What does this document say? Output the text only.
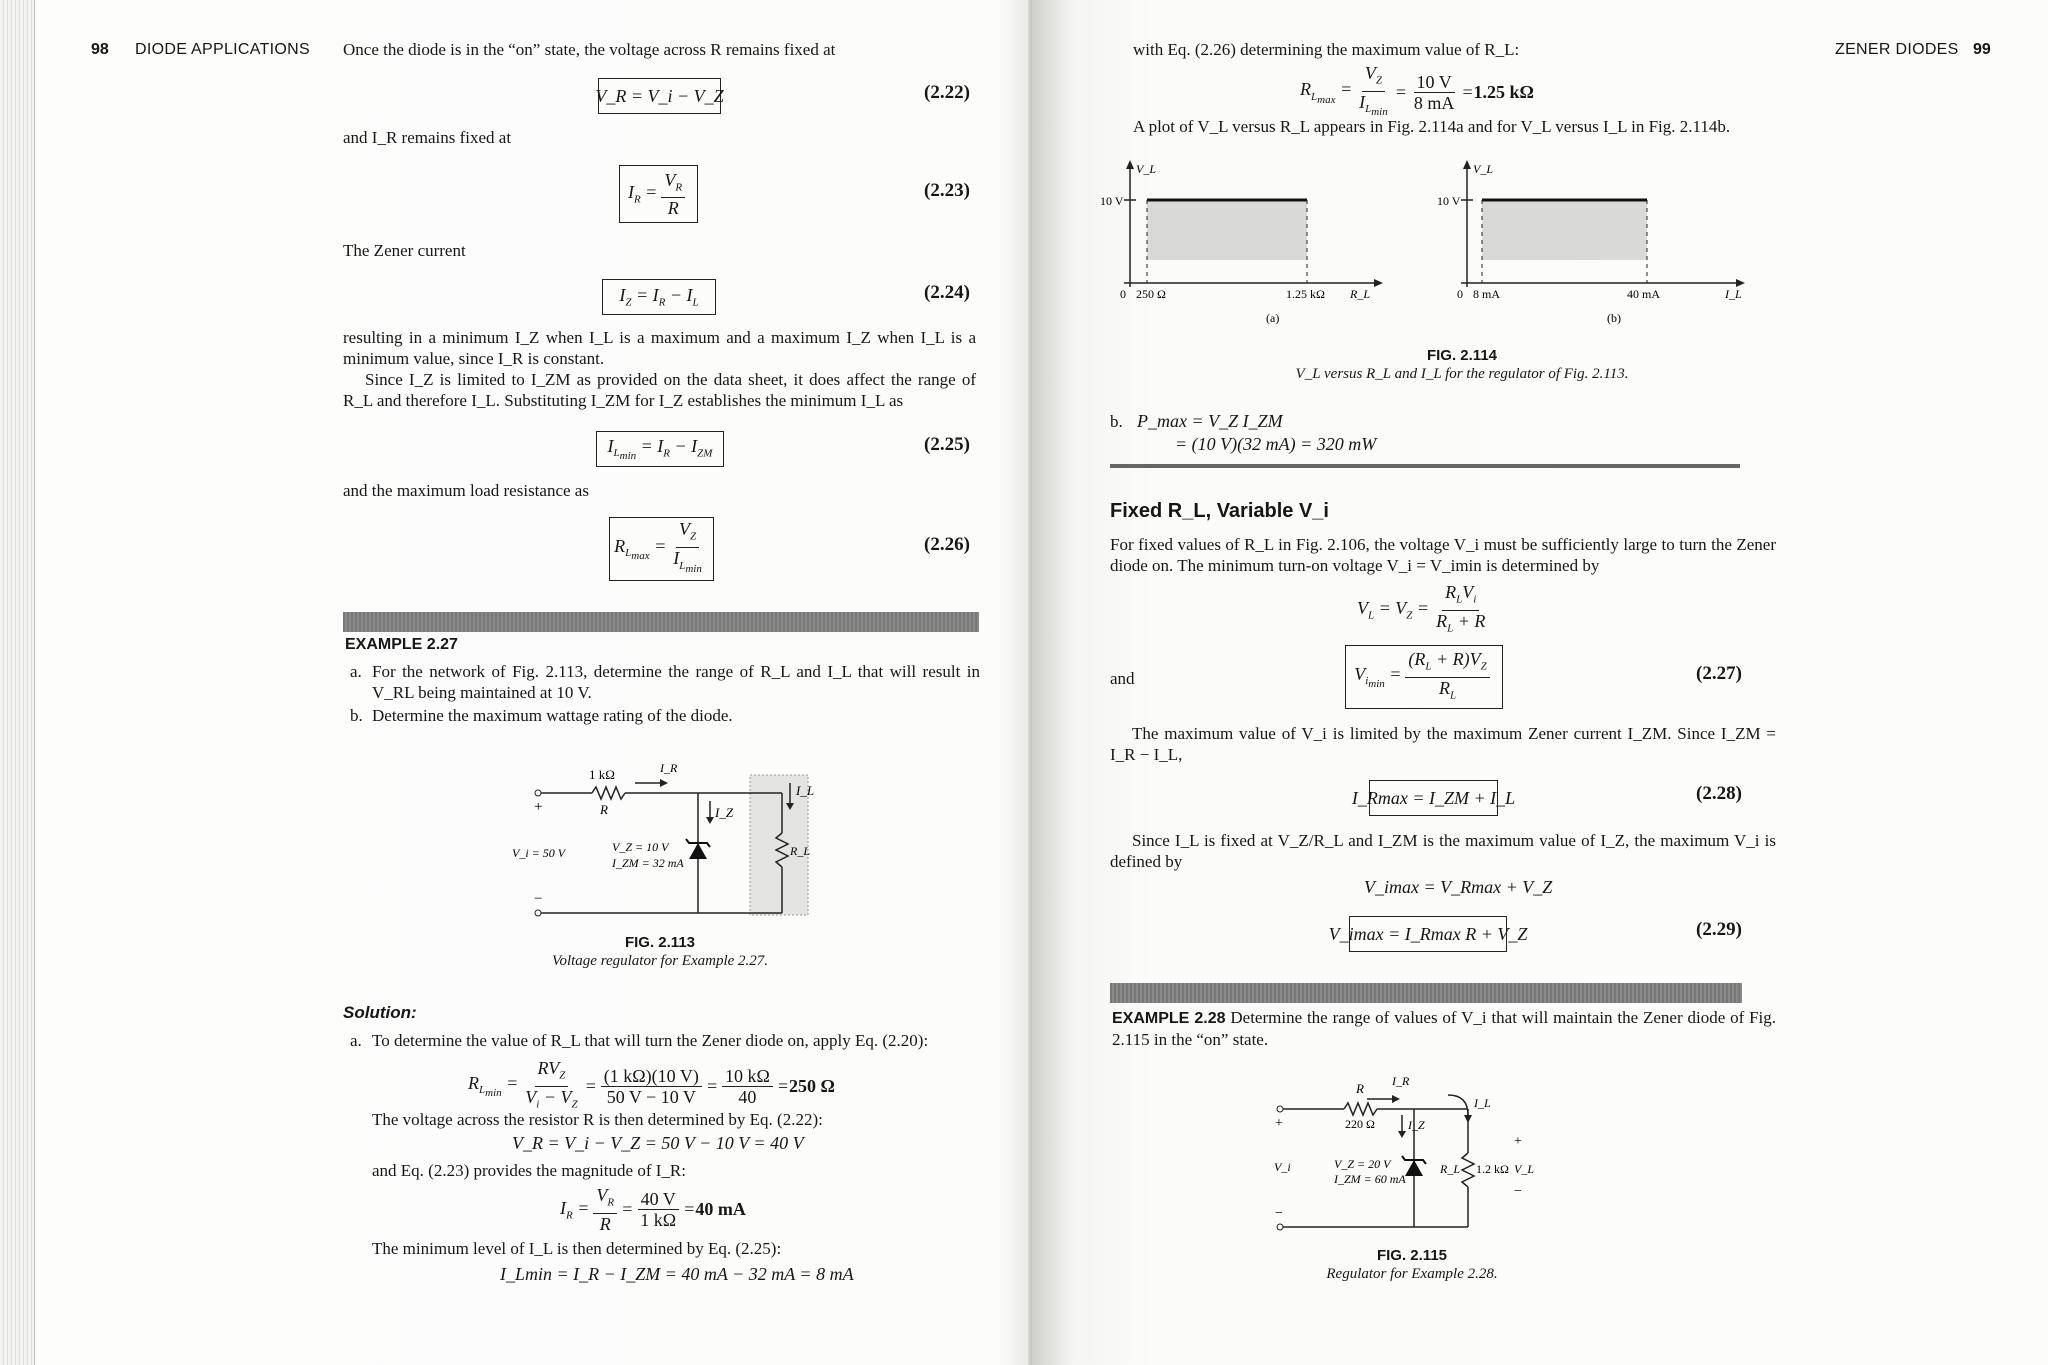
98 DIODE APPLICATIONS Once the diode is in the “on” state, the voltage across R remains fixed at
V_R = V_i − V_Z	(2.22)
and I_R remains fixed at
$I_R = \frac{V_R}{R}$	(2.23)
The Zener current
$I_Z = I_R - I_L$	(2.24)
resulting in a minimum I_Z when I_L is a maximum and a maximum I_Z when I_L is a minimum value, since I_R is constant.
Since I_Z is limited to I_ZM as provided on the data sheet, it does affect the range of R_L and therefore I_L. Substituting I_ZM for I_Z establishes the minimum I_L as
$I_{L_{min}} = I_R - I_{ZM}$	(2.25)
and the maximum load resistance as
$R_{L_{max}} = \frac{V_Z}{I_{L_{min}}}$	(2.26)
EXAMPLE 2.27
a. For the network of Fig. 2.113, determine the range of R_L and I_L that will result in V_RL being maintained at 10 V.
b. Determine the maximum wattage rating of the diode.
1 kΩ
R
I_R
I_Z
I_L
+
−
V_i = 50 V	V_Z = 10 V
I_ZM = 32 mA
R_L
FIG. 2.113
Voltage regulator for Example 2.27.
Solution:
a. To determine the value of R_L that will turn the Zener diode on, apply Eq. (2.20):
$R_{L_{min}} = \frac{RV_Z}{V_i - V_Z} = \frac{(1 k\Omega)(10 V)}{50 V - 10 V} = \frac{10 k\Omega}{40} = 250$ Ω
The voltage across the resistor R is then determined by Eq. (2.22):
V_R = V_i − V_Z = 50 V − 10 V = 40 V
and Eq. (2.23) provides the magnitude of I_R:
$I_R = \frac{V_R}{R} = \frac{40 V}{1 k\Omega} = 40$ mA
The minimum level of I_L is then determined by Eq. (2.25):
I_Lmin = I_R − I_ZM = 40 mA − 32 mA = 8 mA
ZENER DIODES 99
with Eq. (2.26) determining the maximum value of R_L:
$R_{L_{max}} = \frac{V_Z}{I_{L_{min}}} = \frac{10 V}{8 mA} = 1.25$ kΩ
A plot of V_L versus R_L appears in Fig. 2.114a and for V_L versus I_L in Fig. 2.114b.
V_L
10 V
0 250 Ω	1.25 kΩ R_L
(a)
V_L
10 V
0 8 mA	40 mA	I_L
(b)
FIG. 2.114
V_L versus R_L and I_L for the regulator of Fig. 2.113.
b. P_max = V_Z I_ZM
= (10 V)(32 mA) = 320 mW
Fixed R_L, Variable V_i
For fixed values of R_L in Fig. 2.106, the voltage V_i must be sufficiently large to turn the Zener diode on. The minimum turn-on voltage V_i = V_imin is determined by
$V_L = V_Z = \frac{R_LV_i}{R_L + R}$
and	$V_{i_{min}} = \frac{(R_L + R)V_Z}{R_L}$	(2.27)
The maximum value of V_i is limited by the maximum Zener current I_ZM. Since I_ZM = I_R − I_L,
I_Rmax = I_ZM + I_L	(2.28)
Since I_L is fixed at V_Z/R_L and I_ZM is the maximum value of I_Z, the maximum V_i is defined by
V_imax = V_Rmax + V_Z
V_imax = I_Rmax R + V_Z	(2.29)
EXAMPLE 2.28 Determine the range of values of V_i that will maintain the Zener diode of Fig. 2.115 in the “on” state.
R
220 Ω
I_R
I_Z
I_L
+
−
V_i	V_Z = 20 V
I_ZM = 60 mA
R_L 1.2 kΩ
+
V_L
−
FIG. 2.115
Regulator for Example 2.28.
